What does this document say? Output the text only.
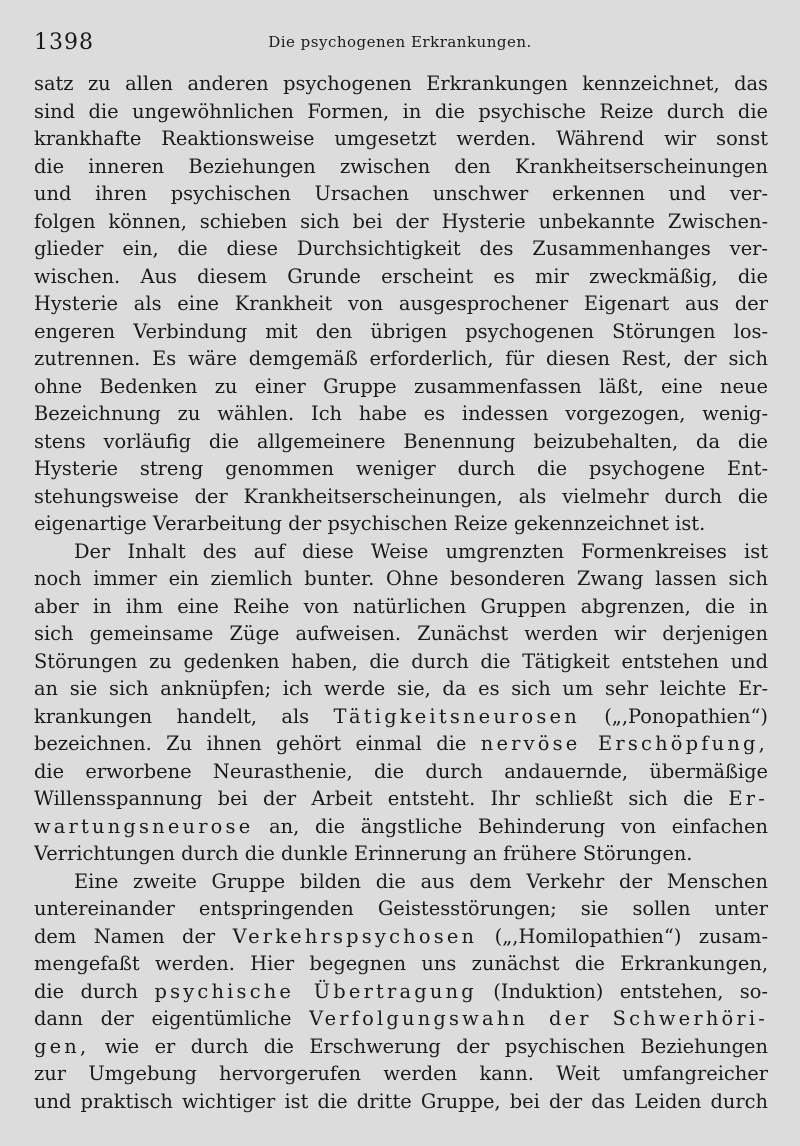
1398	Die psychogenen Erkrankungen.

satz zu allen anderen psychogenen Erkrankungen kennzeichnet, das
sind die ungewöhnlichen Formen, in die psychische Reize durch die
krankhafte Reaktionsweise umgesetzt werden. Während wir sonst
die inneren Beziehungen zwischen den Krankheitserscheinungen
und ihren psychischen Ursachen unschwer erkennen und ver-
folgen können, schieben sich bei der Hysterie unbekannte Zwischen-
glieder ein, die diese Durchsichtigkeit des Zusammenhanges ver-
wischen. Aus diesem Grunde erscheint es mir zweckmäßig, die
Hysterie als eine Krankheit von ausgesprochener Eigenart aus der
engeren Verbindung mit den übrigen psychogenen Störungen los-
zutrennen. Es wäre demgemäß erforderlich, für diesen Rest, der sich
ohne Bedenken zu einer Gruppe zusammenfassen läßt, eine neue
Bezeichnung zu wählen. Ich habe es indessen vorgezogen, wenig-
stens vorläufig die allgemeinere Benennung beizubehalten, da die
Hysterie streng genommen weniger durch die psychogene Ent-
stehungsweise der Krankheitserscheinungen, als vielmehr durch die
eigenartige Verarbeitung der psychischen Reize gekennzeichnet ist.

Der Inhalt des auf diese Weise umgrenzten Formenkreises ist
noch immer ein ziemlich bunter. Ohne besonderen Zwang lassen sich
aber in ihm eine Reihe von natürlichen Gruppen abgrenzen, die in
sich gemeinsame Züge aufweisen. Zunächst werden wir derjenigen
Störungen zu gedenken haben, die durch die Tätigkeit entstehen und
an sie sich anknüpfen; ich werde sie, da es sich um sehr leichte Er-
krankungen handelt, als Tätigkeitsneurosen („,Ponopathien“)
bezeichnen. Zu ihnen gehört einmal die nervöse Erschöpfung,
die erworbene Neurasthenie, die durch andauernde, übermäßige
Willensspannung bei der Arbeit entsteht. Ihr schließt sich die Er-
wartungsneurose an, die ängstliche Behinderung von einfachen
Verrichtungen durch die dunkle Erinnerung an frühere Störungen.

Eine zweite Gruppe bilden die aus dem Verkehr der Menschen
untereinander entspringenden Geistesstörungen; sie sollen unter
dem Namen der Verkehrspsychosen („,Homilopathien“) zusam-
mengefaßt werden. Hier begegnen uns zunächst die Erkrankungen,
die durch psychische Übertragung (Induktion) entstehen, so-
dann der eigentümliche Verfolgungswahn der Schwerhöri-
gen, wie er durch die Erschwerung der psychischen Beziehungen
zur Umgebung hervorgerufen werden kann. Weit umfangreicher
und praktisch wichtiger ist die dritte Gruppe, bei der das Leiden durch
